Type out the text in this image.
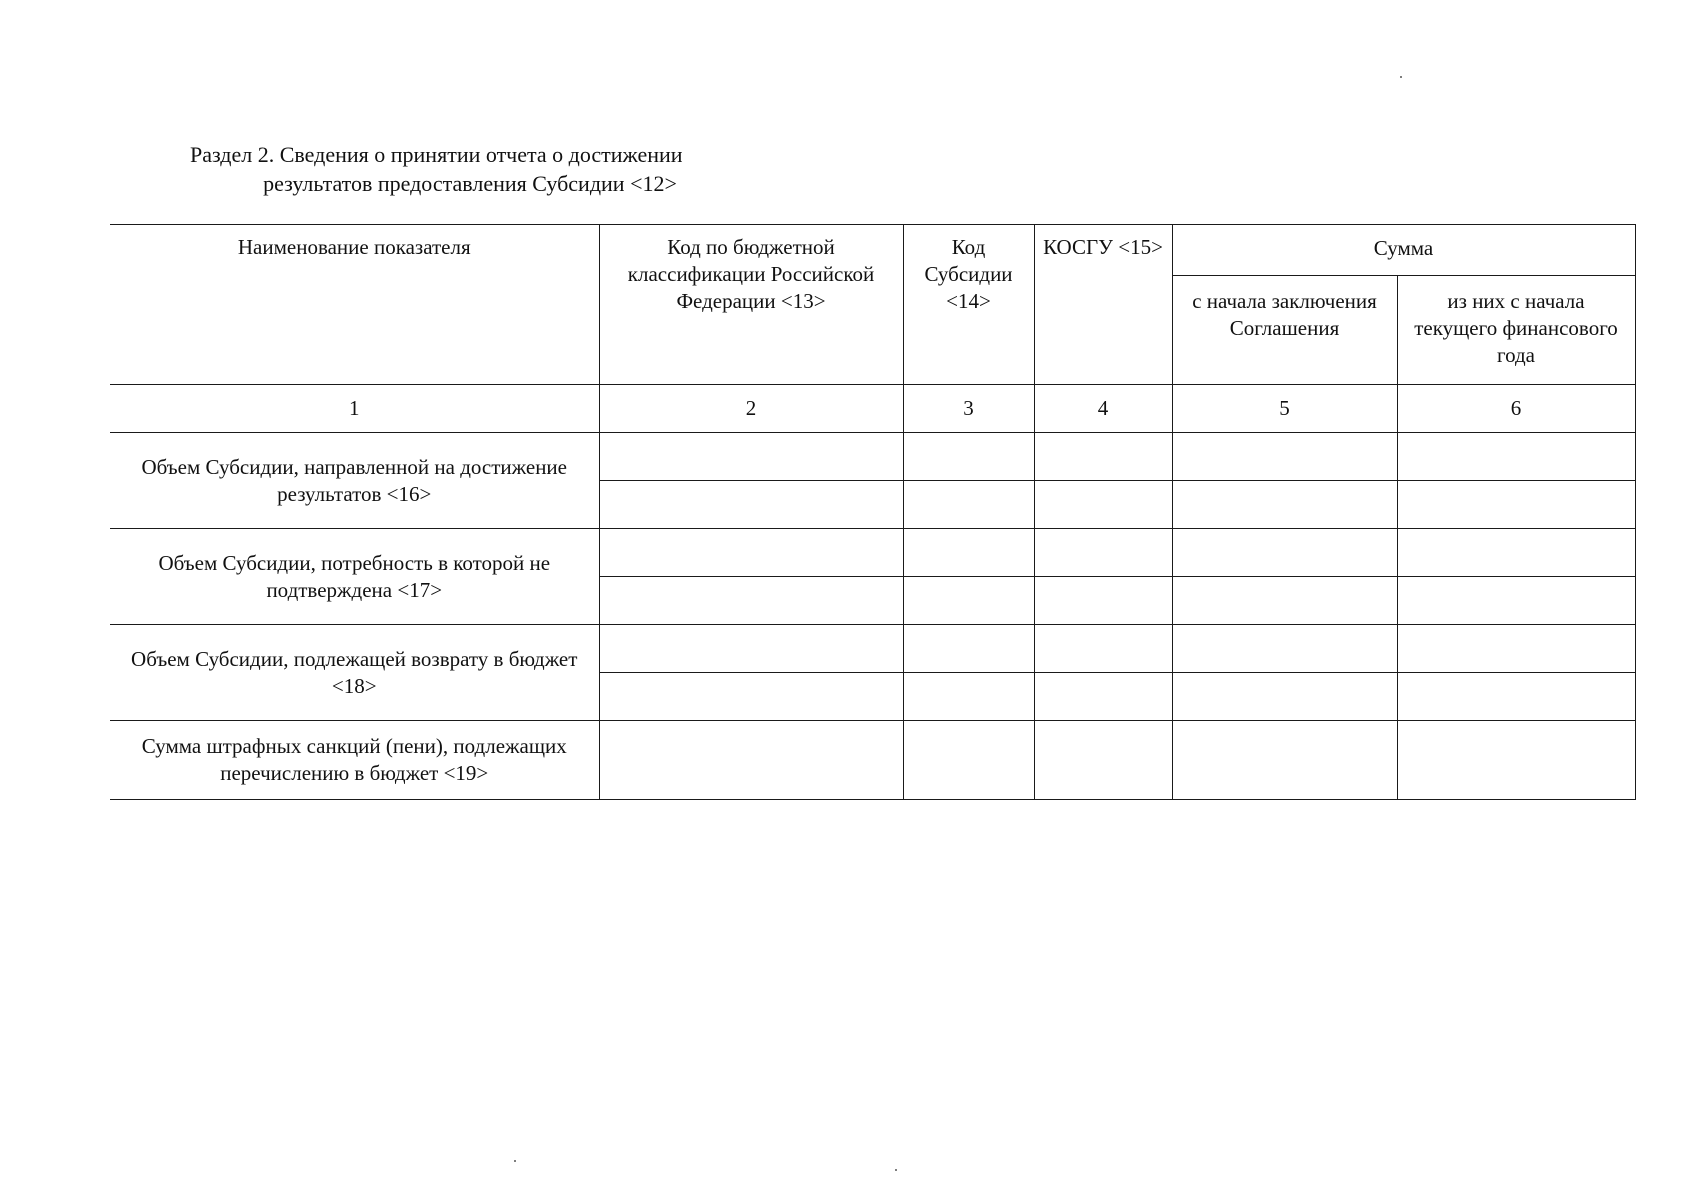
Раздел 2. Сведения о принятии отчета о достижении
результатов предоставления Субсидии <12>
Наименование показателя	Код по бюджетной классификации Российской Федерации <13>	Код Субсидии <14>	КОСГУ <15>	Сумма	
				с начала заключения Соглашения	из них с начала текущего финансового года
1	2	3	4	5	6
Объем Субсидии, направленной на достижение результатов <16>					

Объем Субсидии, потребность в которой не подтверждена <17>					

Объем Субсидии, подлежащей возврату в бюджет <18>					

Сумма штрафных санкций (пени), подлежащих перечислению в бюджет <19>					
